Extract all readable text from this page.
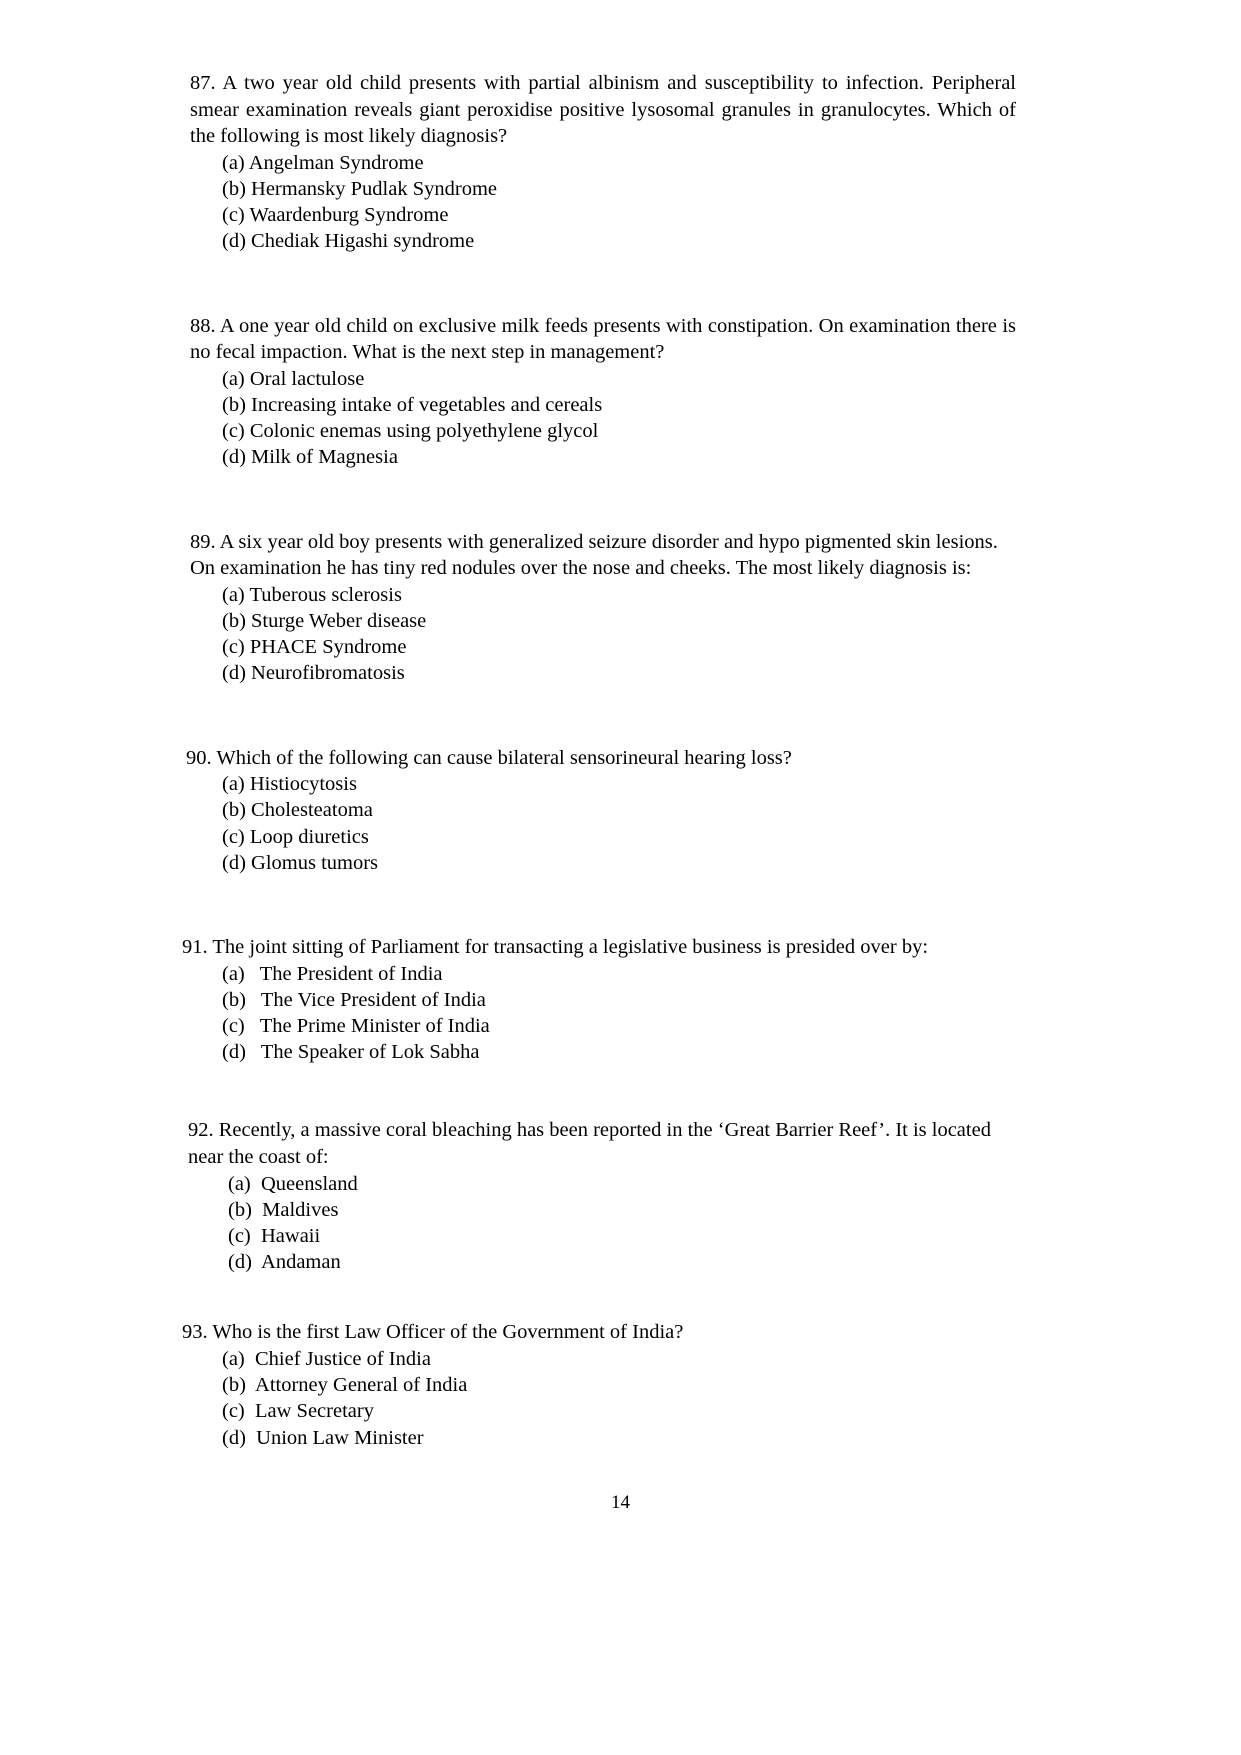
87. A two year old child presents with partial albinism and susceptibility to infection. Peripheral smear examination reveals giant peroxidise positive lysosomal granules in granulocytes. Which of the following is most likely diagnosis?

(a) Angelman Syndrome
(b) Hermansky Pudlak Syndrome
(c) Waardenburg Syndrome
(d) Chediak Higashi syndrome

88. A one year old child on exclusive milk feeds presents with constipation. On examination there is no fecal impaction. What is the next step in management?

(a) Oral lactulose
(b) Increasing intake of vegetables and cereals
(c) Colonic enemas using polyethylene glycol
(d) Milk of Magnesia

89. A six year old boy presents with generalized seizure disorder and hypo pigmented skin lesions. On examination he has tiny red nodules over the nose and cheeks. The most likely diagnosis is:

(a) Tuberous sclerosis
(b) Sturge Weber disease
(c) PHACE Syndrome
(d) Neurofibromatosis

90. Which of the following can cause bilateral sensorineural hearing loss?

(a) Histiocytosis
(b) Cholesteatoma
(c) Loop diuretics
(d) Glomus tumors

91. The joint sitting of Parliament for transacting a legislative business is presided over by:

(a)   The President of India
(b)   The Vice President of India
(c)   The Prime Minister of India
(d)   The Speaker of Lok Sabha

92. Recently, a massive coral bleaching has been reported in the ‘Great Barrier Reef’. It is located near the coast of:

(a)  Queensland
(b)  Maldives
(c)  Hawaii
(d)  Andaman

93. Who is the first Law Officer of the Government of India?

(a)  Chief Justice of India
(b)  Attorney General of India
(c)  Law Secretary
(d)  Union Law Minister
14
